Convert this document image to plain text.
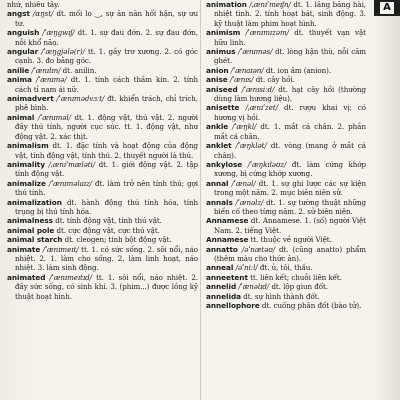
nhứ, nhiêu tây.

angst /ɑŋst/ dt. mối lo ‿, sự ăn năn hối hận, sự ưu tư.

anguish /ˈæŋgwɪʃ/ dt. 1. sự đau đớn. 2. sự đau đớn, nỗi khổ não.

angular /ˈæŋgjələ(r)/ tt. 1. gầy trơ xương. 2. có góc cạnh. 3. đo bằng góc.

anilie /ˈænɪlɪn/ dt. anilin.

anima /ˈænɪmə/ dt. 1. tính cách thầm kín. 2. tính cách tỉ nam ái nữ.

animadvert /ˈænɪmədvɜːt/ đt. khiển trách, chỉ trích, phê bình.

animal /ˈænɪməl/ dt. 1. động vật, thú vật. 2. người đầy thú tính, người cục súc. tt. 1. động vật, như động vật. 2. xác thịt.

animalism dt. 1. đặc tính và hoạt động của động vật, tính động vật, tính thú. 2. thuyết người là thú.

animality /ˌænɪˈmæləti/ dt. 1. giới động vật. 2. tập tính động vật.

animalize /ˈænɪməlaɪz/ đt. làm trở nên tính thú; gợi thú tính.

animalization dt. hành động thú tính hóa, tính trụng bị thú tính hóa.

animalness dt. tính động vật, tính thú vật.

animal pole dt. cực động vật, cực thú vật.

animal starch dt. cleogen; tinh bột động vật.

animate /ˈænɪmeɪt/ tt. 1. có sức sống. 2. sôi nổi, náo nhiệt. 2. 1. làm cho sống. 2. làm linh hoạt, náo nhiệt. 3. làm sinh động.

animated /ˈænɪmeɪtɪd/ tt. 1. sôi nổi, náo nhiệt. 2. đầy sức sống, có sinh khí. 3. (phim...) được lồng kỹ thuật hoạt hình.

animation /ˌænɪˈmeɪʃn/ dt. 1. lăng băng hài, nhiệt tình. 2. tính hoạt bát, sinh động. 3. kỹ thuật làm phim hoạt hình.

animism /ˈænɪmɪzəm/ dt. thuyết vạn vật hữu linh.

animus /ˈænɪməs/ dt. lòng hận thù, nỗi căm ghét.

anion /ˈænaɪən/ dt. ion âm (anion).

anise /ˈænɪs/ dt. cây hồi.

aniseed /ˈænɪsiːd/ dt. hạt cây hồi (thường dùng làm hương liệu).

anisette /ˌænɪˈzet/ dt. rượu khai vị; có hương vị hồi.

ankle /ˈæŋkl/ dt. 1. mắt cá chân. 2. phần mắt cá chân.

anklet /ˈæŋklət/ dt. vòng (mang ở mắt cá chân).

ankylose /ˈæŋkɪləʊz/ đt. làm cứng khớp xương, bị cứng khớp xương.

annal /ˈænəl/ dt. 1. sự ghi lược các sự kiện trong một năm. 2. mục biên niên sử.

annals /ˈænəlz/ dt. 1. sự tường thuật những biến cố theo từng năm. 2. sử biên niên.

Annamese dt. Annamese. 1. (số) người Việt Nam. 2. tiếng Việt.

Annamese tt. thuộc về người Việt.

annatto /əˈnætəʊ/ dt. (cũng anatto) phẩm (thêm màu cho thức ăn).

anneal /əˈniːl/ đt. ủ, tôi, thấu.

anneetent tt. liên kết; chuỗi liên kết.

annelid /ˈænəlɪd/ dt. lộp giun đốt.

annelida dt. sự hình thành đốt.

annellophore dt. cuống phân đốt (bào tử).

A
